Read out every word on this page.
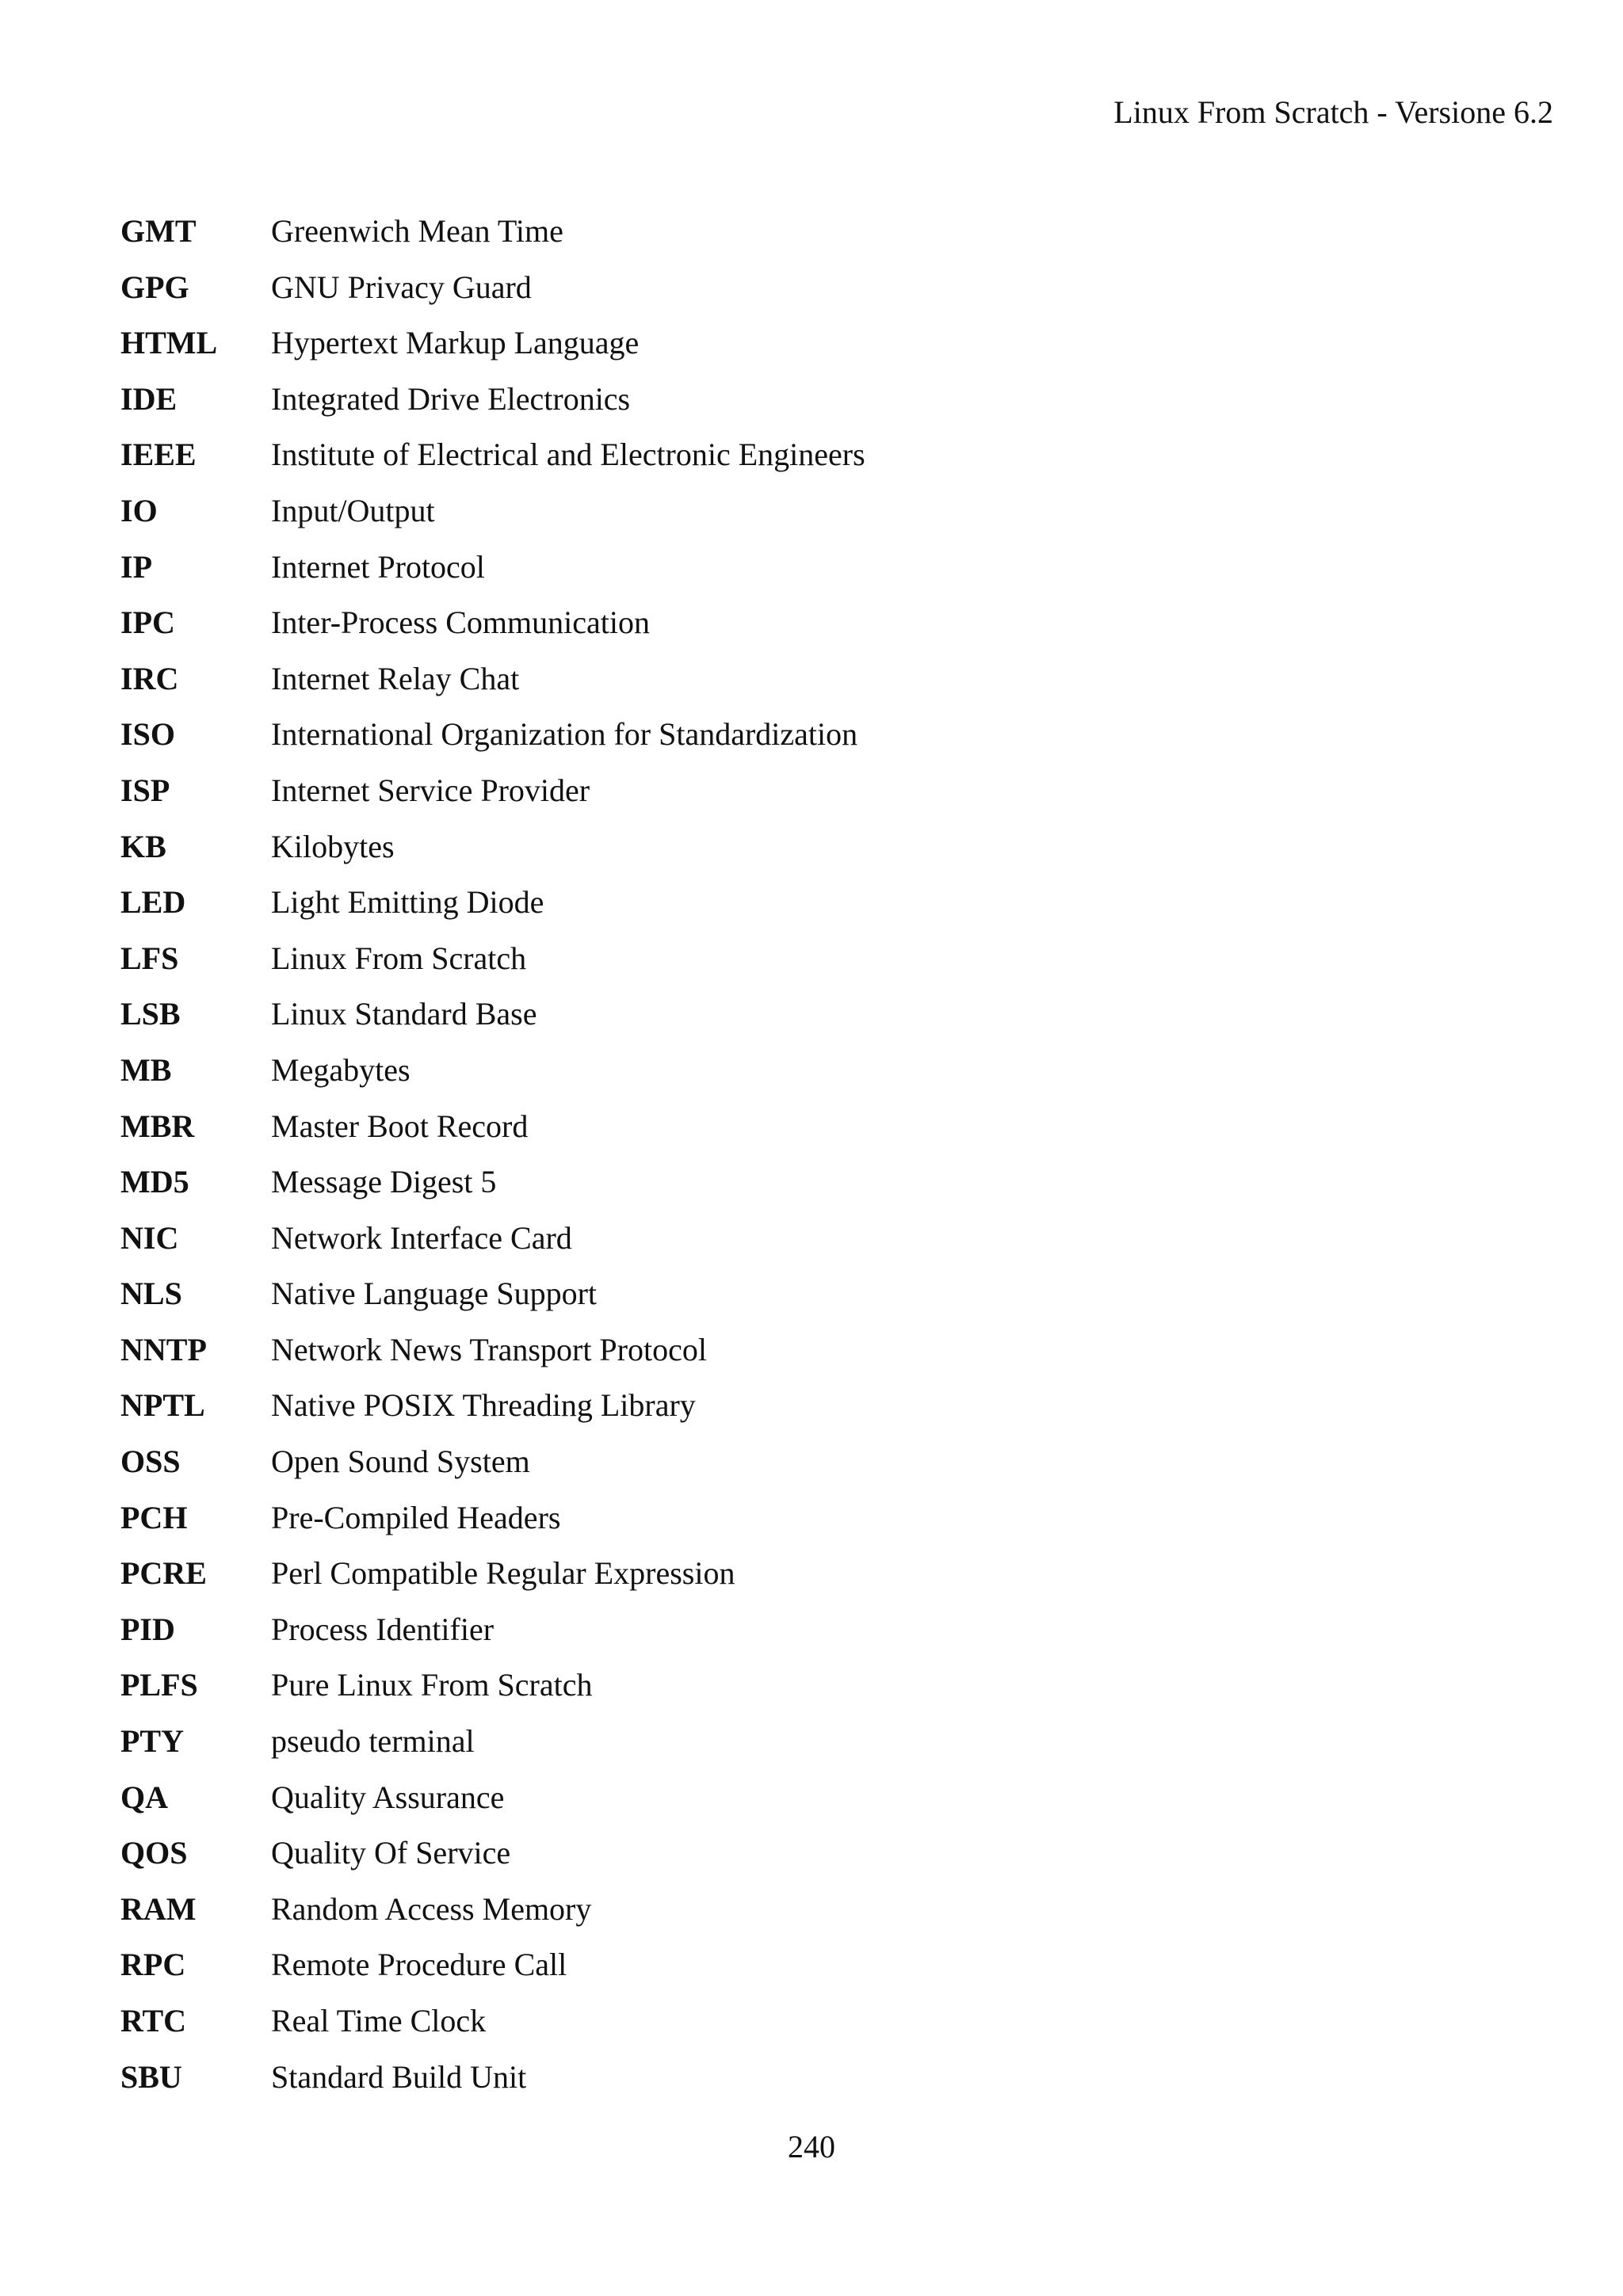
Linux From Scratch - Versione 6.2
GMT	Greenwich Mean Time
GPG	GNU Privacy Guard
HTML	Hypertext Markup Language
IDE	Integrated Drive Electronics
IEEE	Institute of Electrical and Electronic Engineers
IO	Input/Output
IP	Internet Protocol
IPC	Inter-Process Communication
IRC	Internet Relay Chat
ISO	International Organization for Standardization
ISP	Internet Service Provider
KB	Kilobytes
LED	Light Emitting Diode
LFS	Linux From Scratch
LSB	Linux Standard Base
MB	Megabytes
MBR	Master Boot Record
MD5	Message Digest 5
NIC	Network Interface Card
NLS	Native Language Support
NNTP	Network News Transport Protocol
NPTL	Native POSIX Threading Library
OSS	Open Sound System
PCH	Pre-Compiled Headers
PCRE	Perl Compatible Regular Expression
PID	Process Identifier
PLFS	Pure Linux From Scratch
PTY	pseudo terminal
QA	Quality Assurance
QOS	Quality Of Service
RAM	Random Access Memory
RPC	Remote Procedure Call
RTC	Real Time Clock
SBU	Standard Build Unit
240
